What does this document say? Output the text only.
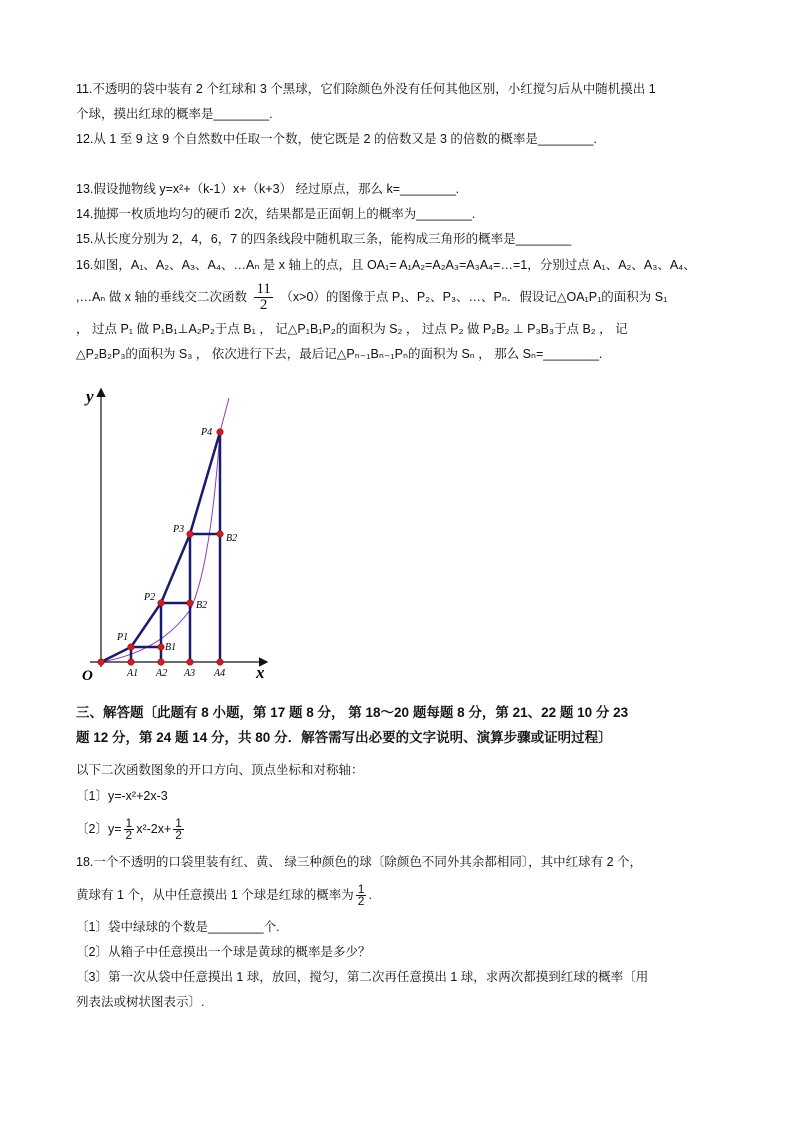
11.不透明的袋中装有 2 个红球和 3 个黑球，它们除颜色外没有任何其他区别，小红搅匀后从中随机摸出 1
个球，摸出红球的概率是________.
12.从 1 至 9 这 9 个自然数中任取一个数，使它既是 2 的倍数又是 3 的倍数的概率是________.
13.假设抛物线 y=x²+（k-1）x+（k+3） 经过原点，那么 k=________.
14.抛掷一枚质地均匀的硬币 2次，结果都是正面朝上的概率为________.
15.从长度分别为 2，4，6，7 的四条线段中随机取三条，能构成三角形的概率是________
16.如图，A₁、A₂、A₃、A₄、…Aₙ 是 x 轴上的点，且 OA₁= A₁A₂=A₂A₃=A₃A₄=…=1，分别过点 A₁、A₂、A₃、A₄、
,…Aₙ 做 x 轴的垂线交二次函数 $\frac{11}{2} (x>0)$的图像于点 P₁、P₂、P₃、…、Pₙ．假设记△OA₁P₁的面积为 S₁
， 过点 P₁ 做 P₁B₁⊥A₂P₂于点 B₁ ， 记△P₁B₁P₂的面积为 S₂ ， 过点 P₂ 做 P₂B₂ ⊥ P₃B₃于点 B₂ ， 记
△P₂B₂P₃的面积为 S₃ ， 依次进行下去，最后记△Pₙ₋₁Bₙ₋₁Pₙ的面积为 Sₙ ， 那么 Sₙ=________.
y
x
O	A1 A2 A3 A4
P1
B1
P2
B2
P3
B2
P4
三、解答题〔此题有 8 小题，第 17 题 8 分， 第 18～20 题每题 8 分，第 21、22 题 10 分 23
题 12 分，第 24 题 14 分，共 80 分．解答需写出必要的文字说明、演算步骤或证明过程〕
以下二次函数图象的开口方向、顶点坐标和对称轴：
〔1〕y=-x²+2x-3
〔2〕$y= \frac{1}{2} x^2-2x+ \frac{1}{2}$
18.一个不透明的口袋里装有红、黄、 绿三种颜色的球〔除颜色不同外其余都相同〕，其中红球有 2 个，
黄球有 1 个，从中任意摸出 1 个球是红球的概率为 $\frac{1}{2}$ .
〔1〕袋中绿球的个数是________个.
〔2〕从箱子中任意摸出一个球是黄球的概率是多少？
〔3〕第一次从袋中任意摸出 1 球，放回，搅匀，第二次再任意摸出 1 球，求两次都摸到红球的概率〔用
列表法或树状图表示〕.
